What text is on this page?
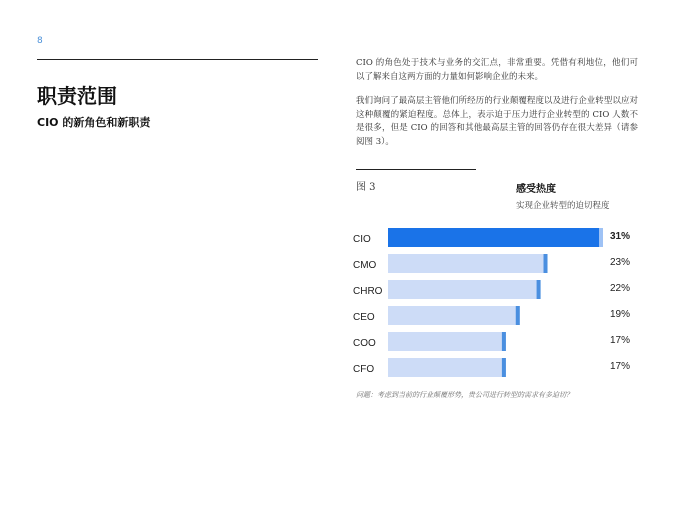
8
职责范围
CIO 的新角色和新职责

CIO 的角色处于技术与业务的交汇点，非常重要。凭借有利地位，他们可以了解来自这两方面的力量如何影响企业的未来。

我们询问了最高层主管他们所经历的行业颠覆程度以及进行企业转型以应对这种颠覆的紧迫程度。总体上，表示迫于压力进行企业转型的 CIO 人数不是很多，但是 CIO 的回答和其他最高层主管的回答仍存在很大差异（请参阅图 3）。

图 3	感受热度
实现企业转型的迫切程度
CIO	31%
CMO	23%
CHRO	22%
CEO	19%
COO	17%
CFO	17%
问题：考虑到当前的行业颠覆形势，贵公司进行转型的需求有多迫切？
